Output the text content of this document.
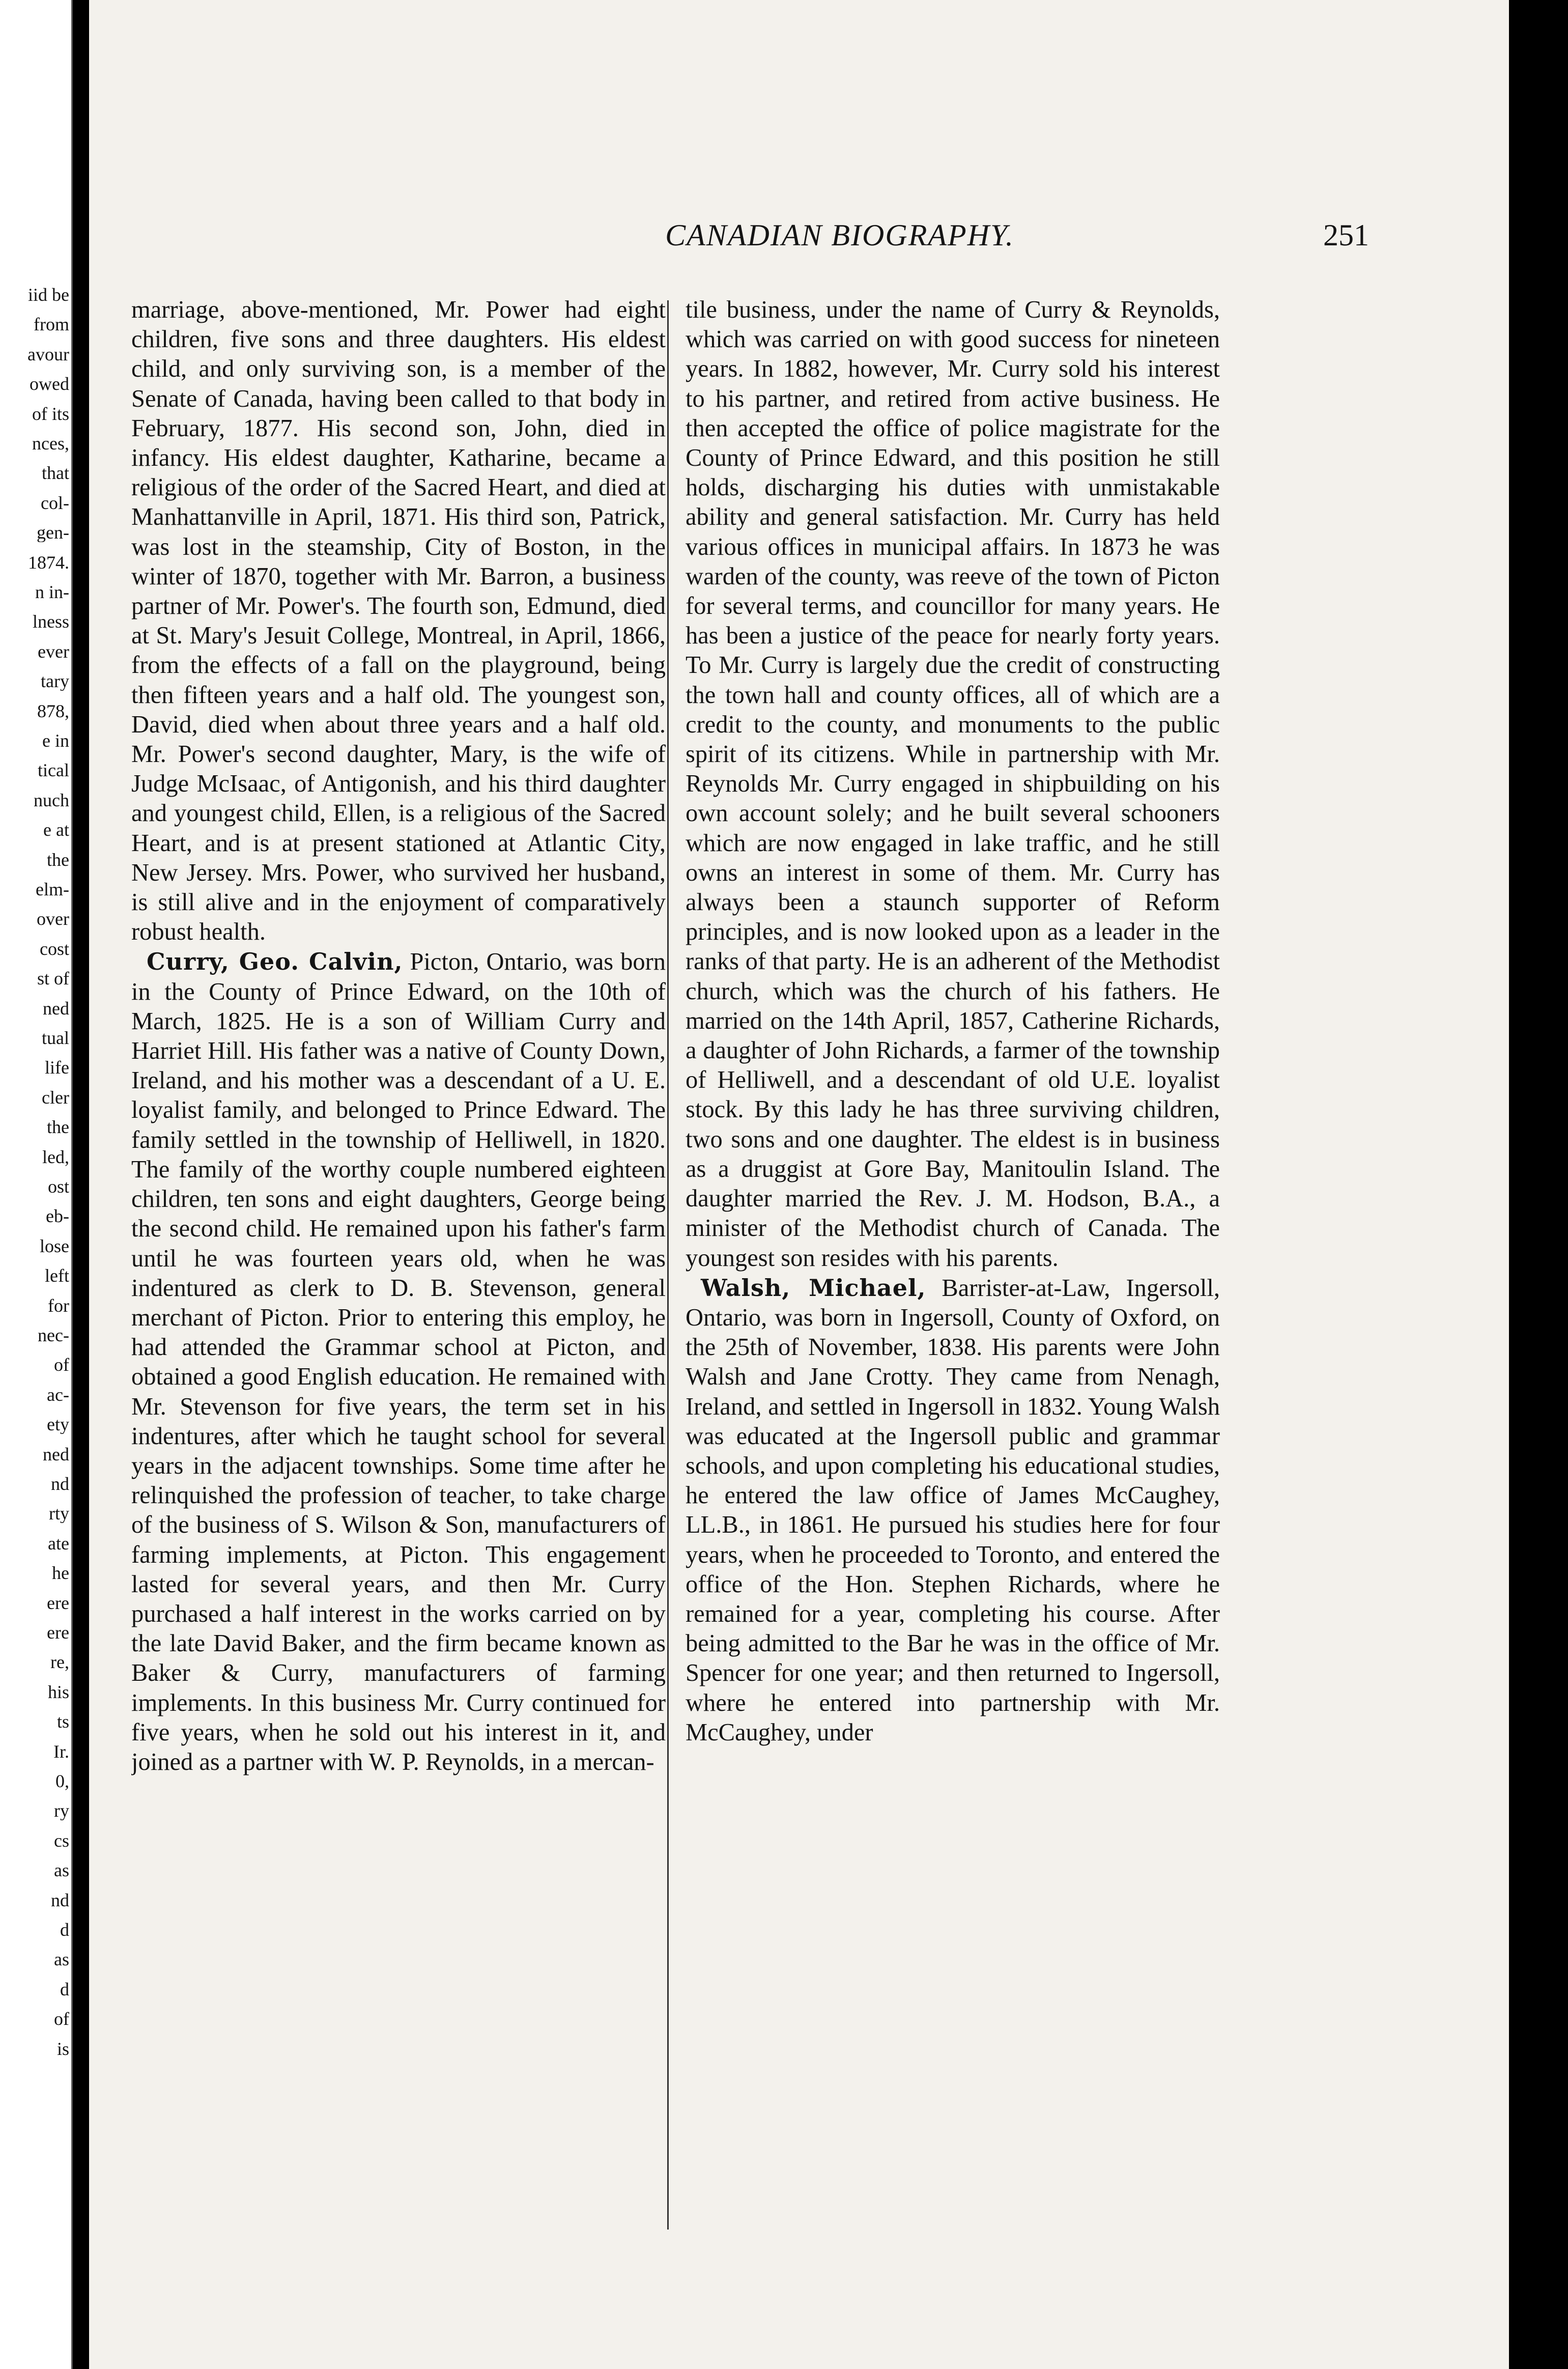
iid be
from
avour
owed
of its
nces,
that
col-
gen-
1874.
n in-
lness
ever
tary
878,
e in
tical
nuch
e at
the
elm-
over
cost
st of
ned
tual
life
cler
the
led,
ost
eb-
lose
left
for
nec-
of
ac-
ety
ned
nd
rty
ate
he
ere
ere
re,
his
ts
Ir.
0,
ry
cs
as
nd
d
as
d
of
is
CANADIAN BIOGRAPHY.	251

marriage, above-mentioned, Mr. Power had eight children, five sons and three daughters. His eldest child, and only surviving son, is a member of the Senate of Canada, having been called to that body in February, 1877. His second son, John, died in infancy. His eldest daughter, Katharine, became a religious of the order of the Sacred Heart, and died at Manhattanville in April, 1871. His third son, Patrick, was lost in the steamship, City of Boston, in the winter of 1870, together with Mr. Barron, a business partner of Mr. Power's. The fourth son, Edmund, died at St. Mary's Jesuit College, Montreal, in April, 1866, from the effects of a fall on the playground, being then fifteen years and a half old. The youngest son, David, died when about three years and a half old. Mr. Power's second daughter, Mary, is the wife of Judge McIsaac, of Antigonish, and his third daughter and youngest child, Ellen, is a religious of the Sacred Heart, and is at present stationed at Atlantic City, New Jersey. Mrs. Power, who survived her husband, is still alive and in the enjoyment of comparatively robust health.

Curry, Geo. Calvin, Picton, Ontario, was born in the County of Prince Edward, on the 10th of March, 1825. He is a son of William Curry and Harriet Hill. His father was a native of County Down, Ireland, and his mother was a descendant of a U. E. loyalist family, and belonged to Prince Edward. The family settled in the township of Helliwell, in 1820. The family of the worthy couple numbered eighteen children, ten sons and eight daughters, George being the second child. He remained upon his father's farm until he was fourteen years old, when he was indentured as clerk to D. B. Stevenson, general merchant of Picton. Prior to entering this employ, he had attended the Grammar school at Picton, and obtained a good English education. He remained with Mr. Stevenson for five years, the term set in his indentures, after which he taught school for several years in the adjacent townships. Some time after he relinquished the profession of teacher, to take charge of the business of S. Wilson & Son, manufacturers of farming implements, at Picton. This engagement lasted for several years, and then Mr. Curry purchased a half interest in the works carried on by the late David Baker, and the firm became known as Baker & Curry, manufacturers of farming implements. In this business Mr. Curry continued for five years, when he sold out his interest in it, and joined as a partner with W. P. Reynolds, in a mercan-

tile business, under the name of Curry & Reynolds, which was carried on with good success for nineteen years. In 1882, however, Mr. Curry sold his interest to his partner, and retired from active business. He then accepted the office of police magistrate for the County of Prince Edward, and this position he still holds, discharging his duties with unmistakable ability and general satisfaction. Mr. Curry has held various offices in municipal affairs. In 1873 he was warden of the county, was reeve of the town of Picton for several terms, and councillor for many years. He has been a justice of the peace for nearly forty years. To Mr. Curry is largely due the credit of constructing the town hall and county offices, all of which are a credit to the county, and monuments to the public spirit of its citizens. While in partnership with Mr. Reynolds Mr. Curry engaged in shipbuilding on his own account solely; and he built several schooners which are now engaged in lake traffic, and he still owns an interest in some of them. Mr. Curry has always been a staunch supporter of Reform principles, and is now looked upon as a leader in the ranks of that party. He is an adherent of the Methodist church, which was the church of his fathers. He married on the 14th April, 1857, Catherine Richards, a daughter of John Richards, a farmer of the township of Helliwell, and a descendant of old U.E. loyalist stock. By this lady he has three surviving children, two sons and one daughter. The eldest is in business as a druggist at Gore Bay, Manitoulin Island. The daughter married the Rev. J. M. Hodson, B.A., a minister of the Methodist church of Canada. The youngest son resides with his parents.

Walsh, Michael, Barrister-at-Law, Ingersoll, Ontario, was born in Ingersoll, County of Oxford, on the 25th of November, 1838. His parents were John Walsh and Jane Crotty. They came from Nenagh, Ireland, and settled in Ingersoll in 1832. Young Walsh was educated at the Ingersoll public and grammar schools, and upon completing his educational studies, he entered the law office of James McCaughey, LL.B., in 1861. He pursued his studies here for four years, when he proceeded to Toronto, and entered the office of the Hon. Stephen Richards, where he remained for a year, completing his course. After being admitted to the Bar he was in the office of Mr. Spencer for one year; and then returned to Ingersoll, where he entered into partnership with Mr. McCaughey, under
